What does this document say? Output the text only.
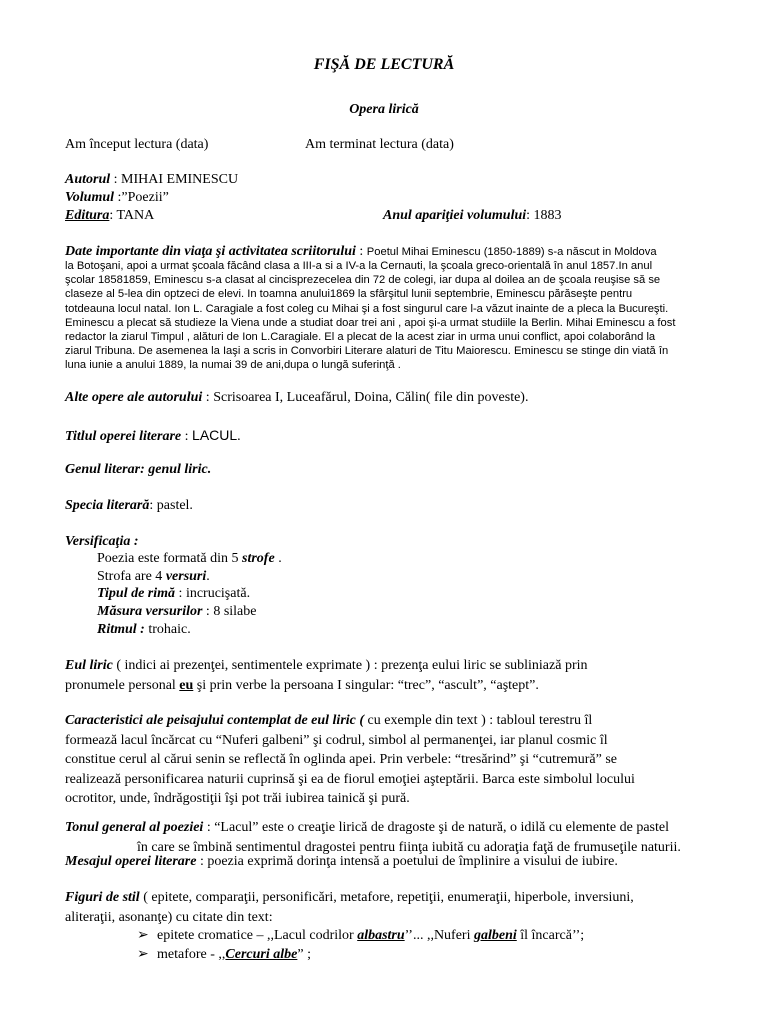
FIŞĂ DE LECTURĂ
Opera lirică
Am început lectura (data)	Am terminat lectura (data)
Autorul : MIHAI EMINESCU
Volumul :”Poezii”
Editura: TANA	Anul apariţiei volumului: 1883
Date importante din viaţa şi activitatea scriitorului : Poetul Mihai Eminescu (1850-1889) s-a născut in Moldova
la Botoşani, apoi a urmat şcoala făcând clasa a III-a si a IV-a la Cernauti, la şcoala greco-orientală în anul 1857.In anul
şcolar 18581859, Eminescu s-a clasat al cincisprezecelea din 72 de colegi, iar dupa al doilea an de şcoala reuşise să se
claseze al 5-lea din optzeci de elevi. In toamna anului1869 la sfârşitul lunii septembrie, Eminescu părăseşte pentru
totdeauna locul natal. Ion L. Caragiale a fost coleg cu Mihai şi a fost singurul care l-a văzut inainte de a pleca la Bucureşti.
Eminescu a plecat să studieze la Viena unde a studiat doar trei ani , apoi şi-a urmat studiile la Berlin. Mihai Eminescu a fost
redactor la ziarul Timpul , alături de Ion L.Caragiale. El a plecat de la acest ziar in urma unui conflict, apoi colaborând la
ziarul Tribuna. De asemenea la Iaşi a scris in Convorbiri Literare alaturi de Titu Maiorescu. Eminescu se stinge din viată în
luna iunie a anului 1889, la numai 39 de ani,dupa o lungă suferinţă .
Alte opere ale autorului : Scrisoarea I, Luceafărul, Doina, Călin( file din poveste).
Titlul operei literare : LACUL.
Genul literar: genul liric.
Specia literară: pastel.
Versificaţia :
Poezia este formată din 5 strofe .
Strofa are 4 versuri.
Tipul de rimă : incrucişată.
Măsura versurilor : 8 silabe
Ritmul : trohaic.
Eul liric ( indici ai prezenţei, sentimentele exprimate ) : prezenţa eului liric se subliniază prin
pronumele personal eu şi prin verbe la persoana I singular: “trec”, “ascult”, “aştept”.
Caracteristici ale peisajului contemplat de eul liric ( cu exemple din text ) : tabloul terestru îl
formează lacul încărcat cu “Nuferi galbeni” şi codrul, simbol al permanenţei, iar planul cosmic îl
constitue cerul al cărui senin se reflectă în oglinda apei. Prin verbele: “tresărind” şi “cutremură” se
realizează personificarea naturii cuprinsă şi ea de fiorul emoţiei aşteptării. Barca este simbolul locului
ocrotitor, unde, îndrăgostiţii îşi pot trăi iubirea tainică şi pură.
Tonul general al poeziei : “Lacul” este o creaţie lirică de dragoste şi de natură, o idilă cu elemente de pastel
în care se îmbină sentimentul dragostei pentru fiinţa iubită cu adoraţia faţă de frumuseţile naturii.
Mesajul operei literare : poezia exprimă dorinţa intensă a poetului de împlinire a visului de iubire.
Figuri de stil ( epitete, comparaţii, personificări, metafore, repetiţii, enumeraţii, hiperbole, inversiuni,
aliteraţii, asonanţe) cu citate din text:
➢ epitete cromatice – ,,Lacul codrilor albastru’’... ,,Nuferi galbeni îl încarcă’’;
➢ metafore - ,,Cercuri albe” ;
